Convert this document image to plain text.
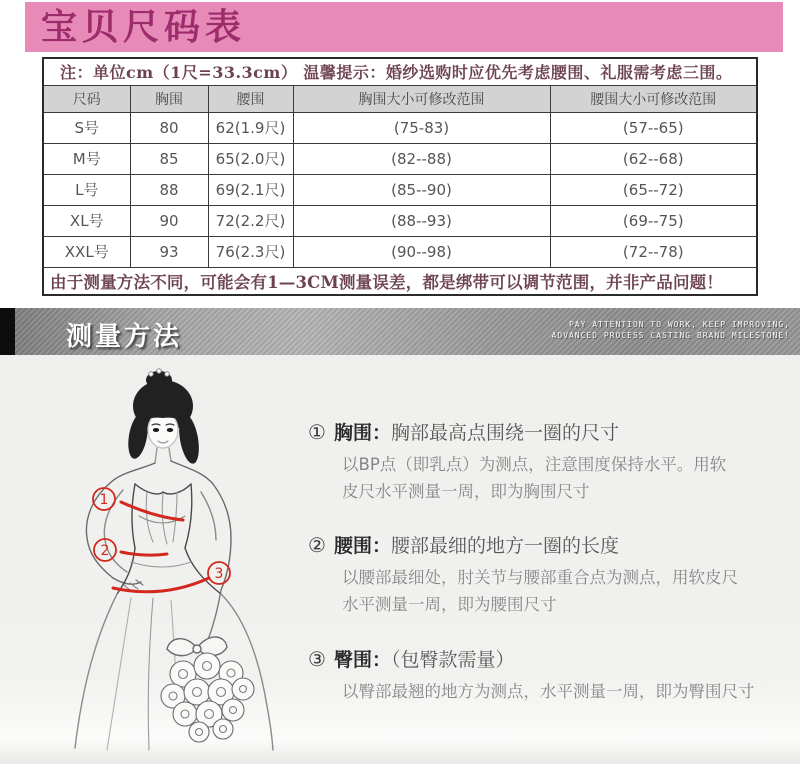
宝贝尺码表
注：单位cm（1尺=33.3cm） 温馨提示：婚纱选购时应优先考虑腰围、礼服需考虑三围。				
尺码	胸围	腰围	胸围大小可修改范围	腰围大小可修改范围
S号	80	62(1.9尺)	(75-83)	(57--65)
M号	85	65(2.0尺)	(82--88)	(62--68)
L号	88	69(2.1尺)	(85--90)	(65--72)
XL号	90	72(2.2尺)	(88--93)	(69--75)
XXL号	93	76(2.3尺)	(90--98)	(72--78)
由于测量方法不同，可能会有1—3CM测量误差，都是绑带可以调节范围，并非产品问题！				
测量方法	PAY ATTENTION TO WORK, KEEP IMPROVING,
ADVANCED PROCESS CASTING BRAND MILESTONE!
1
2
3
① 胸围：胸部最高点围绕一圈的尺寸
以BP点（即乳点）为测点，注意围度保持水平。用软
皮尺水平测量一周，即为胸围尺寸
② 腰围：腰部最细的地方一圈的长度
以腰部最细处，肘关节与腰部重合点为测点，用软皮尺
水平测量一周，即为腰围尺寸
③ 臀围：（包臀款需量）
以臀部最翘的地方为测点，水平测量一周，即为臀围尺寸
